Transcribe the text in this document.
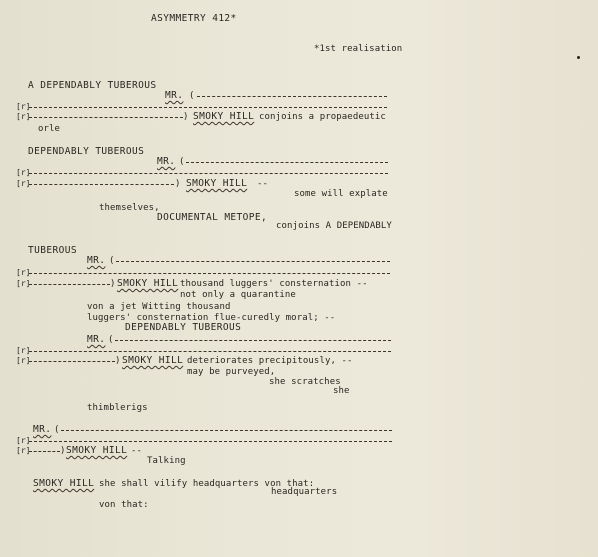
ASYMMETRY 412*
*1st realisation
A DEPENDABLY TUBEROUS
MR. (
[r]
[r]	) SMOKY HILL conjoins a propaedeutic
orle
DEPENDABLY TUBEROUS
MR. (
[r]
[r]	) SMOKY HILL --
some will explate
themselves,
DOCUMENTAL METOPE,
conjoins A DEPENDABLY
TUBEROUS
MR. (
[r]
[r]	) SMOKY HILL thousand luggers' consternation --
not only a quarantine
von a jet Witting thousand
luggers' consternation flue-curedly moral; --
DEPENDABLY TUBEROUS
MR. (
[r]
[r]	) SMOKY HILL deteriorates precipitously, --
may be purveyed,
she scratches
she
thimblerigs
MR. (
[r]
[r]	) SMOKY HILL --
Talking
SMOKY HILL she shall vilify headquarters von that:
headquarters
von that:
